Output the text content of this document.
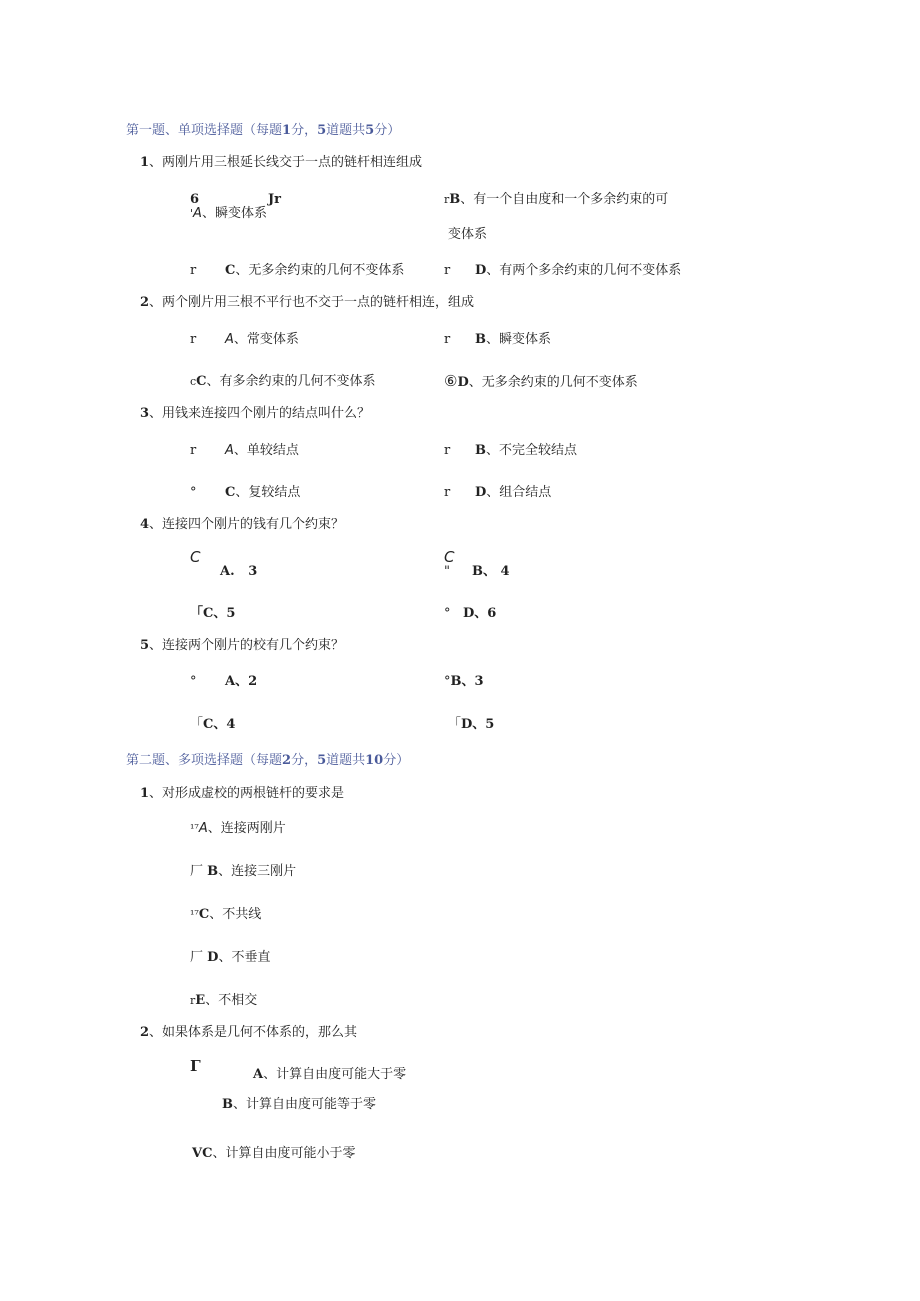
第一题、单项选择题（每题1分，5道题共5分）
1、两刚片用三根延长线交于一点的链杆相连组成
6	Jr
'A、瞬变体系
rB、有一个自由度和一个多余约束的可
变体系
r C、无多余约束的几何不变体系	r D、有两个多余约束的几何不变体系
2、两个刚片用三根不平行也不交于一点的链杆相连，组成
r A、常变体系	r B、瞬变体系
cC、有多余约束的几何不变体系	⑥D、无多余约束的几何不变体系
3、用钱来连接四个刚片的结点叫什么？
r A、单较结点	r B、不完全较结点
° C、复较结点	r D、组合结点
4、连接四个刚片的钱有几个约束？
C
A. 3
C
" B、 4
「C、5	° D、6
5、连接两个刚片的校有几个约束？
° A、2	°B、3
「C、4	「D、5
第二题、多项选择题（每题2分，5道题共10分）
1、对形成虚校的两根链杆的要求是
¹⁷A、连接两刚片
厂 B、连接三刚片
¹⁷C、不共线
厂 D、不垂直
rE、不相交
2、如果体系是几何不体系的，那么其
Γ	A、计算自由度可能大于零
B、计算自由度可能等于零
VC、计算自由度可能小于零
